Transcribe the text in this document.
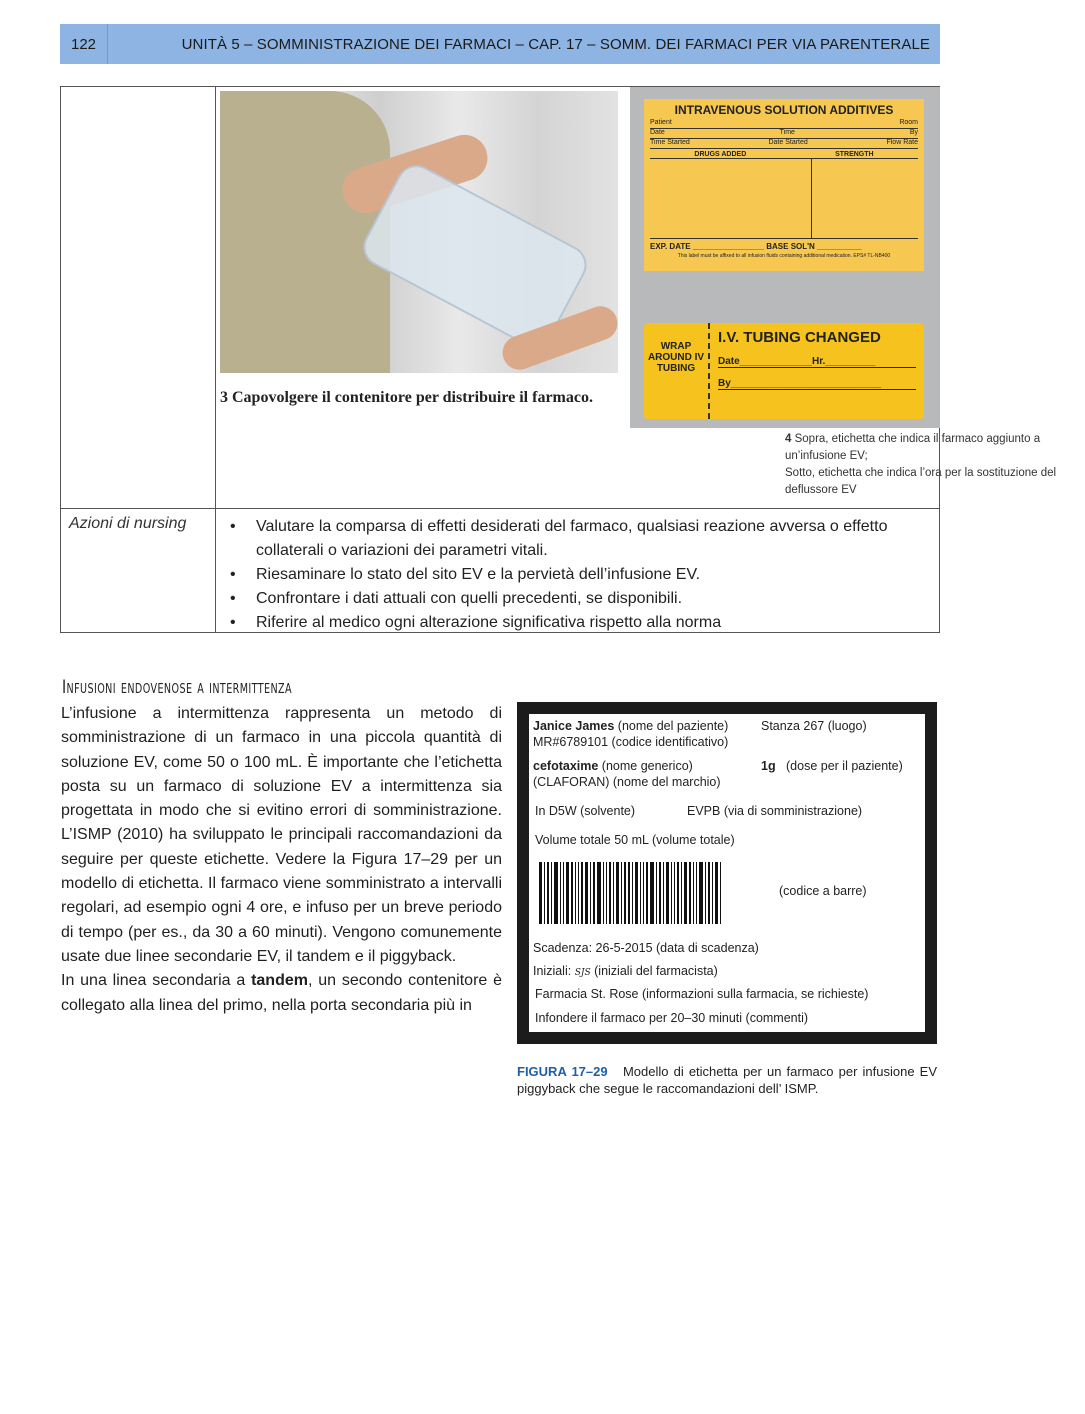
122	UNITÀ 5 – SOMMINISTRAZIONE DEI FARMACI – CAP. 17 – SOMM. DEI FARMACI PER VIA PARENTERALE
3 Capovolgere il contenitore per distribuire il farmaco.
INTRAVENOUS SOLUTION ADDITIVES
Patient	Room
Date	Time	By
Time Started	Date Started	Flow Rate
DRUGS ADDED	STRENGTH
EXP. DATE ________________ BASE SOL'N __________
This label must be affixed to all infusion fluids containing additional medication. EPS# TL-NB400
WRAP AROUND IV TUBING
I.V. TUBING CHANGED
Date_____________Hr._________
By___________________________
4 Sopra, etichetta che indica il farmaco aggiunto a un’infusione EV;
Sotto, etichetta che indica l’ora per la sostituzione del deflussore EV
Azioni di nursing
•	Valutare la comparsa di effetti desiderati del farmaco, qualsiasi reazione avversa o effetto collaterali o variazioni dei parametri vitali.
• Riesaminare lo stato del sito EV e la pervietà dell’infusione EV.
• Confrontare i dati attuali con quelli precedenti, se disponibili.
• Riferire al medico ogni alterazione significativa rispetto alla norma
Infusioni endovenose a intermittenza

L’infusione a intermittenza rappresenta un metodo di somministrazione di un farmaco in una piccola quantità di soluzione EV, come 50 o 100 mL. È importante che l’etichetta posta su un farmaco di soluzione EV a intermittenza sia progettata in modo che si evitino errori di somministrazione. L’ISMP (2010) ha sviluppato le principali raccomandazioni da seguire per queste etichette. Vedere la Figura 17–29 per un modello di etichetta. Il farmaco viene somministrato a intervalli regolari, ad esempio ogni 4 ore, e infuso per un breve periodo di tempo (per es., da 30 a 60 minuti). Vengono comunemente usate due linee secondarie EV, il tandem e il piggyback.

In una linea secondaria a tandem, un secondo contenitore è collegato alla linea del primo, nella porta secondaria più in

Janice James (nome del paziente)	Stanza 267 (luogo)
MR#6789101 (codice identificativo)
cefotaxime (nome generico)	1g (dose per il paziente)
(CLAFORAN) (nome del marchio)
In D5W (solvente)	EVPB (via di somministrazione)
Volume totale 50 mL (volume totale)
(codice a barre)
Scadenza: 26-5-2015 (data di scadenza)
Iniziali: SJS (iniziali del farmacista)
Farmacia St. Rose (informazioni sulla farmacia, se richieste)
Infondere il farmaco per 20–30 minuti (commenti)
FIGURA 17–29 Modello di etichetta per un farmaco per infusione EV piggyback che segue le raccomandazioni dell’ ISMP.
